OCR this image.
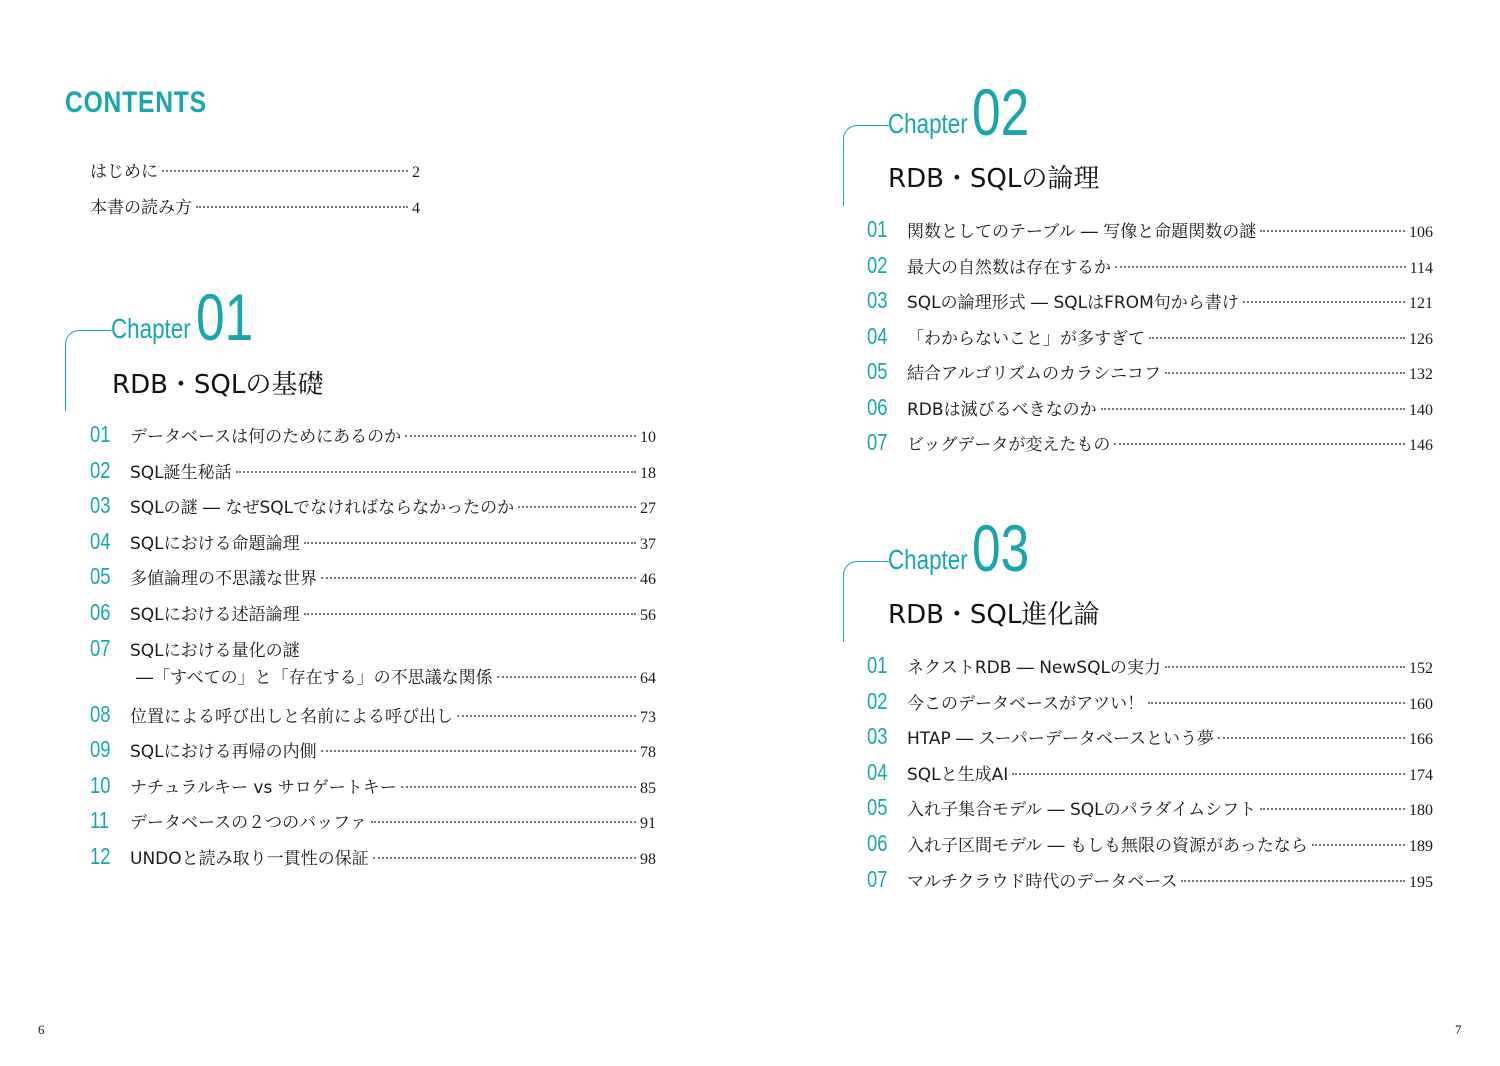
CONTENTS
はじめに	2
本書の読み方	4
Chapter 01
RDB・SQLの基礎
01	データベースは何のためにあるのか	10
02	SQL誕生秘話	18
03	SQLの謎 ― なぜSQLでなければならなかったのか	27
04	SQLにおける命題論理	37
05	多値論理の不思議な世界	46
06	SQLにおける述語論理	56
07	SQLにおける量化の謎
―「すべての」と「存在する」の不思議な関係	64
08	位置による呼び出しと名前による呼び出し	73
09	SQLにおける再帰の内側	78
10	ナチュラルキー vs サロゲートキー	85
11	データベースの２つのバッファ	91
12	UNDOと読み取り一貫性の保証	98
Chapter 02
RDB・SQLの論理
01	関数としてのテーブル ― 写像と命題関数の謎	106
02	最大の自然数は存在するか	114
03	SQLの論理形式 ― SQLはFROM句から書け	121
04	「わからないこと」が多すぎて	126
05	結合アルゴリズムのカラシニコフ	132
06	RDBは滅びるべきなのか	140
07	ビッグデータが変えたもの	146
Chapter 03
RDB・SQL進化論
01	ネクストRDB ― NewSQLの実力	152
02	今このデータベースがアツい！	160
03	HTAP ― スーパーデータベースという夢	166
04	SQLと生成AI	174
05	入れ子集合モデル ― SQLのパラダイムシフト	180
06	入れ子区間モデル ― もしも無限の資源があったなら	189
07	マルチクラウド時代のデータベース	195
6	7
